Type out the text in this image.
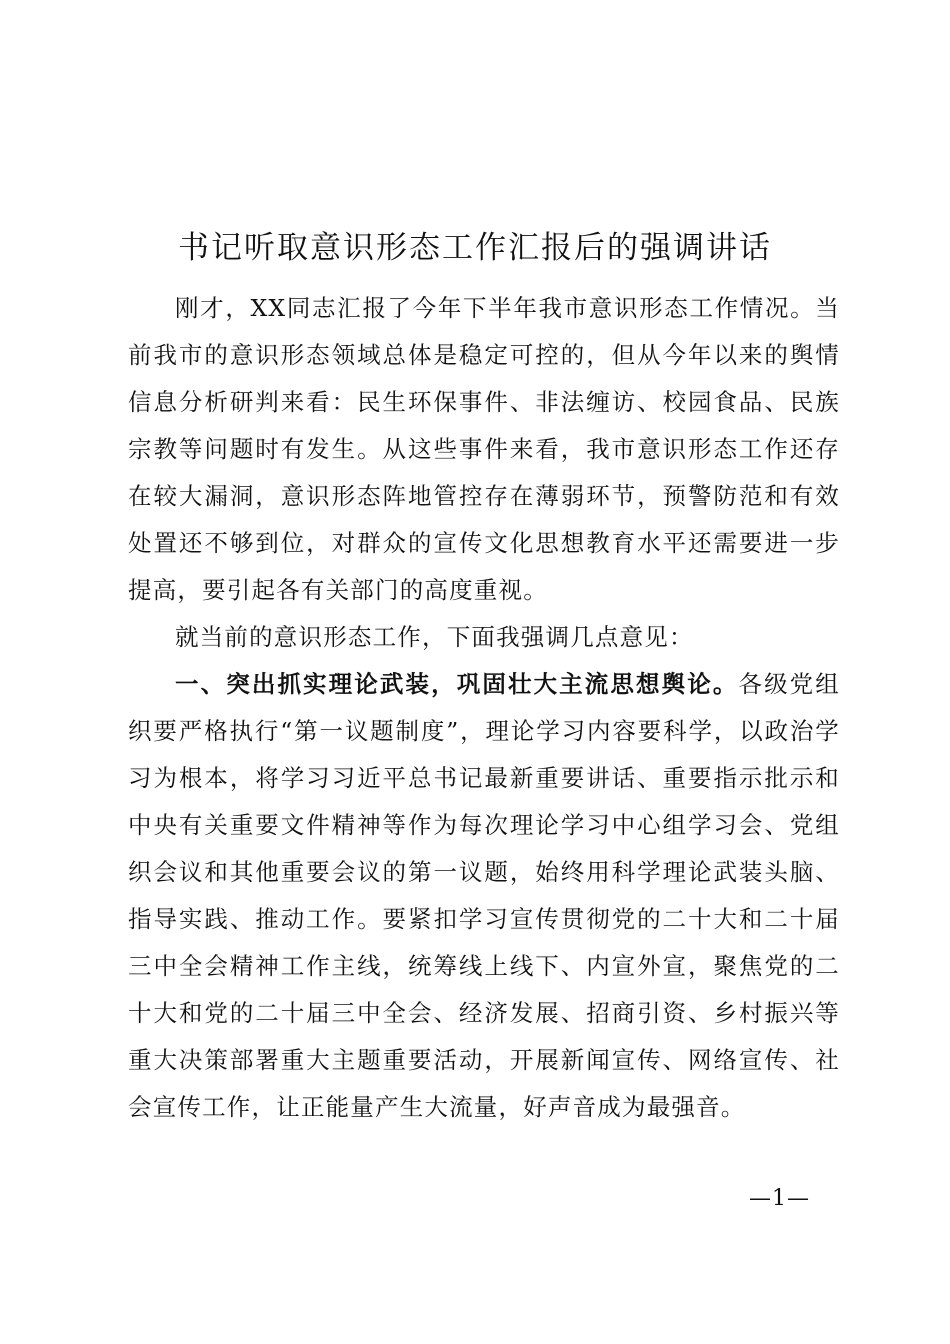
书记听取意识形态工作汇报后的强调讲话

刚才，XX同志汇报了今年下半年我市意识形态工作情况。当前我市的意识形态领域总体是稳定可控的，但从今年以来的舆情信息分析研判来看：民生环保事件、非法缠访、校园食品、民族宗教等问题时有发生。从这些事件来看，我市意识形态工作还存在较大漏洞，意识形态阵地管控存在薄弱环节，预警防范和有效处置还不够到位，对群众的宣传文化思想教育水平还需要进一步提高，要引起各有关部门的高度重视。

就当前的意识形态工作，下面我强调几点意见：

一、突出抓实理论武装，巩固壮大主流思想舆论。各级党组织要严格执行“第一议题制度”，理论学习内容要科学，以政治学习为根本，将学习习近平总书记最新重要讲话、重要指示批示和中央有关重要文件精神等作为每次理论学习中心组学习会、党组织会议和其他重要会议的第一议题，始终用科学理论武装头脑、指导实践、推动工作。要紧扣学习宣传贯彻党的二十大和二十届三中全会精神工作主线，统筹线上线下、内宣外宣，聚焦党的二十大和党的二十届三中全会、经济发展、招商引资、乡村振兴等重大决策部署重大主题重要活动，开展新闻宣传、网络宣传、社会宣传工作，让正能量产生大流量，好声音成为最强音。

—1—
